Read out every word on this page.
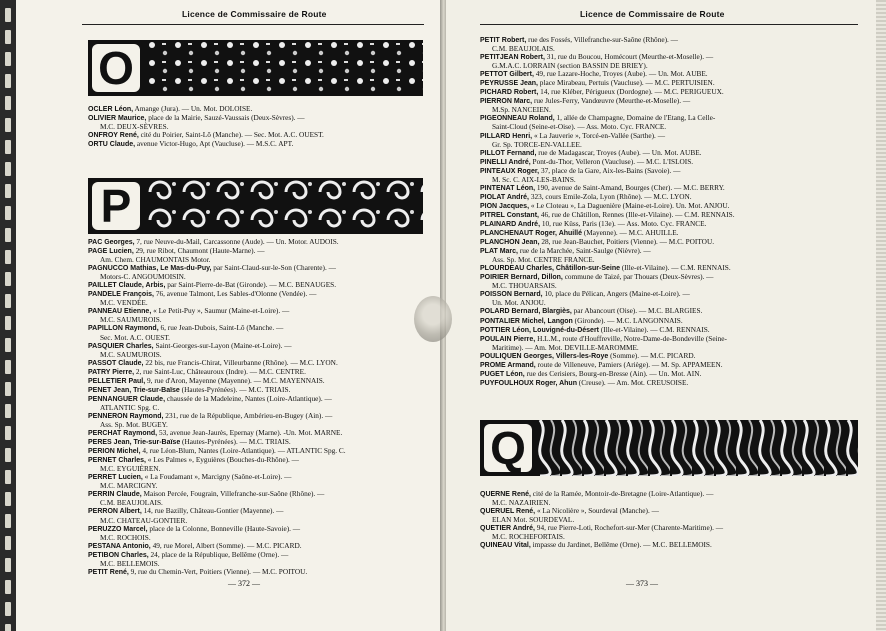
Licence de Commissaire de Route
O

OCLER Léon, Amange (Jura). — Un. Mot. DOLOISE.

OLIVIER Maurice, place de la Mairie, Sauzé-Vaussais (Deux-Sèvres). —
M.C. DEUX-SÈVRES.

ONFROY René, cité du Poirier, Saint-Lô (Manche). — Sec. Mot. A.C. OUEST.

ORTU Claude, avenue Victor-Hugo, Apt (Vaucluse). — M.S.C. APT.

P

PAC Georges, 7, rue Neuve-du-Mail, Carcassonne (Aude). — Un. Motor. AUDOIS.

PAGE Lucien, 29, rue Ribot, Chaumont (Haute-Marne). —
Am. Chem. CHAUMONTAIS Motor.

PAGNUCCO Mathias, Le Mas-du-Puy, par Saint-Claud-sur-le-Son (Charente). —
Motors-C. ANGOUMOISIN.

PAILLET Claude, Arbis, par Saint-Pierre-de-Bat (Gironde). — M.C. BENAUGES.

PANDELE François, 76, avenue Talmont, Les Sables-d'Olonne (Vendée). —
M.C. VENDÉE.

PANNEAU Etienne, « Le Petit-Puy », Saumur (Maine-et-Loire). —
M.C. SAUMUROIS.

PAPILLON Raymond, 6, rue Jean-Dubois, Saint-Lô (Manche. —
Sec. Mot. A.C. OUEST.

PASQUIER Charles, Saint-Georges-sur-Layon (Maine-et-Loire). —
M.C. SAUMUROIS.

PASSOT Claude, 22 bis, rue Francis-Chirat, Villeurbanne (Rhône). — M.C. LYON.

PATRY Pierre, 2, rue Saint-Luc, Châteauroux (Indre). — M.C. CENTRE.

PELLETIER Paul, 9, rue d'Aron, Mayenne (Mayenne). — M.C. MAYENNAIS.

PENET Jean, Trie-sur-Baïse (Hautes-Pyrénées). — M.C. TRIAIS.

PENNANGUER Claude, chaussée de la Madeleine, Nantes (Loire-Atlantique). —
ATLANTIC Spg. C.

PENNERON Raymond, 231, rue de la République, Ambérieu-en-Bugey (Ain). —
Ass. Sp. Mot. BUGEY.

PERCHAT Raymond, 53, avenue Jean-Jaurès, Epernay (Marne). -Un. Mot. MARNE.

PERES Jean, Trie-sur-Baïse (Hautes-Pyrénées). — M.C. TRIAIS.

PERION Michel, 4, rue Léon-Blum, Nantes (Loire-Atlantique). — ATLANTIC Spg. C.

PERNET Charles, « Les Palmes », Eyguières (Bouches-du-Rhône). —
M.C. EYGUIÈREN.

PERRET Lucien, « La Foudamant », Marcigny (Saône-et-Loire). —
M.C. MARCIGNY.

PERRIN Claude, Maison Percée, Fougrain, Villefranche-sur-Saône (Rhône). —
C.M. BEAUJOLAIS.

PERRON Albert, 14, rue Bazilly, Château-Gontier (Mayenne). —
M.C. CHATEAU-GONTIER.

PERUZZO Marcel, place de la Colonne, Bonneville (Haute-Savoie). —
M.C. ROCHOIS.

PESTANA Antonio, 49, rue Morel, Albert (Somme). — M.C. PICARD.

PETIBON Charles, 24, place de la République, Bellême (Orne). —
M.C. BELLEMOIS.

PETIT René, 9, rue du Chemin-Vert, Poitiers (Vienne). — M.C. POITOU.

— 372 —
Licence de Commissaire de Route

PETIT Robert, rue des Fossés, Villefranche-sur-Saône (Rhône). —
C.M. BEAUJOLAIS.

PETITJEAN Robert, 31, rue du Boucou, Homécourt (Meurthe-et-Moselle). —
G.M.A.C. LORRAIN (section BASSIN DE BRIEY).

PETTOT Gilbert, 49, rue Lazare-Hoche, Troyes (Aube). — Un. Mot. AUBE.

PEYRUSSE Jean, place Mirabeau, Pertuis (Vaucluse). — M.C. PERTUISIEN.

PICHARD Robert, 14, rue Kléber, Périgueux (Dordogne). — M.C. PERIGUEUX.

PIERRON Marc, rue Jules-Ferry, Vandœuvre (Meurthe-et-Moselle). —
M.Sp. NANCEIEN.

PIGEONNEAU Roland, 1, allée de Champagne, Domaine de l'Etang, La Celle-
Saint-Cloud (Seine-et-Oise). — Ass. Moto. Cyc. FRANCE.

PILLARD Henri, « La Jauverie », Torcé-en-Vallée (Sarthe). —
Gr. Sp. TORCE-EN-VALLEE.

PILLOT Fernand, rue de Madagascar, Troyes (Aube). — Un. Mot. AUBE.

PINELLI André, Pont-du-Thor, Velleron (Vaucluse). — M.C. L'ISLOIS.

PINTEAUX Roger, 37, place de la Gare, Aix-les-Bains (Savoie). —
M. Sc. C. AIX-LES-BAINS.

PINTENAT Léon, 190, avenue de Saint-Amand, Bourges (Cher). — M.C. BERRY.

PIOLAT André, 323, cours Emile-Zola, Lyon (Rhône). — M.C. LYON.

PION Jacques, « Le Cloteau », La Daguenière (Maine-et-Loire). Un. Mot. ANJOU.

PITREL Constant, 46, rue de Châtillon, Rennes (Ille-et-Vilaine). — C.M. RENNAIS.

PLAINARD André, 10, rue Küss, Paris (13e). — Ass. Moto. Cyc. FRANCE.

PLANCHENAUT Roger, Ahuillé (Mayenne). — M.C. AHUILLE.

PLANCHON Jean, 28, rue Jean-Bauchet, Poitiers (Vienne). — M.C. POITOU.

PLAT Marc, rue de la Marchée, Saint-Saulge (Nièvre). —
Ass. Sp. Mot. CENTRE FRANCE.

PLOURDEAU Charles, Châtillon-sur-Seine (Ille-et-Vilaine). — C.M. RENNAIS.

POIRIER Bernard, Dillon, commune de Taizé, par Thouars (Deux-Sèvres). —
M.C. THOUARSAIS.

POISSON Bernard, 10, place du Pélican, Angers (Maine-et-Loire). —
Un. Mot. ANJOU.

POLARD Bernard, Blargiès, par Abancourt (Oise). — M.C. BLARGIES.

PONTALIER Michel, Langon (Gironde). — M.C. LANGONNAIS.

POTTIER Léon, Louvigné-du-Désert (Ille-et-Vilaine). — C.M. RENNAIS.

POULAIN Pierre, H.L.M., route d'Houffreville, Notre-Dame-de-Bondeville (Seine-
Maritime). — Am. Mot. DEVILLE-MAROMME.

POULIQUEN Georges, Villers-les-Roye (Somme). — M.C. PICARD.

PROME Armand, route de Villeneuve, Pamiers (Ariège). — M. Sp. APPAMEEN.

PUGET Léon, rue des Cerisiers, Bourg-en-Bresse (Ain). — Un. Mot. AIN.

PUYFOULHOUX Roger, Ahun (Creuse). — Am. Mot. CREUSOISE.

Q

QUERNE René, cité de la Ramée, Montoir-de-Bretagne (Loire-Atlantique). —
M.C. NAZAIRIEN.

QUERUEL René, « La Nicolière », Sourdeval (Manche). —
ELAN Mot. SOURDEVAL.

QUETIER André, 94, rue Pierre-Loti, Rochefort-sur-Mer (Charente-Maritime). —
M.C. ROCHEFORTAIS.

QUINEAU Vital, impasse du Jardinet, Bellême (Orne). — M.C. BELLEMOIS.

— 373 —
